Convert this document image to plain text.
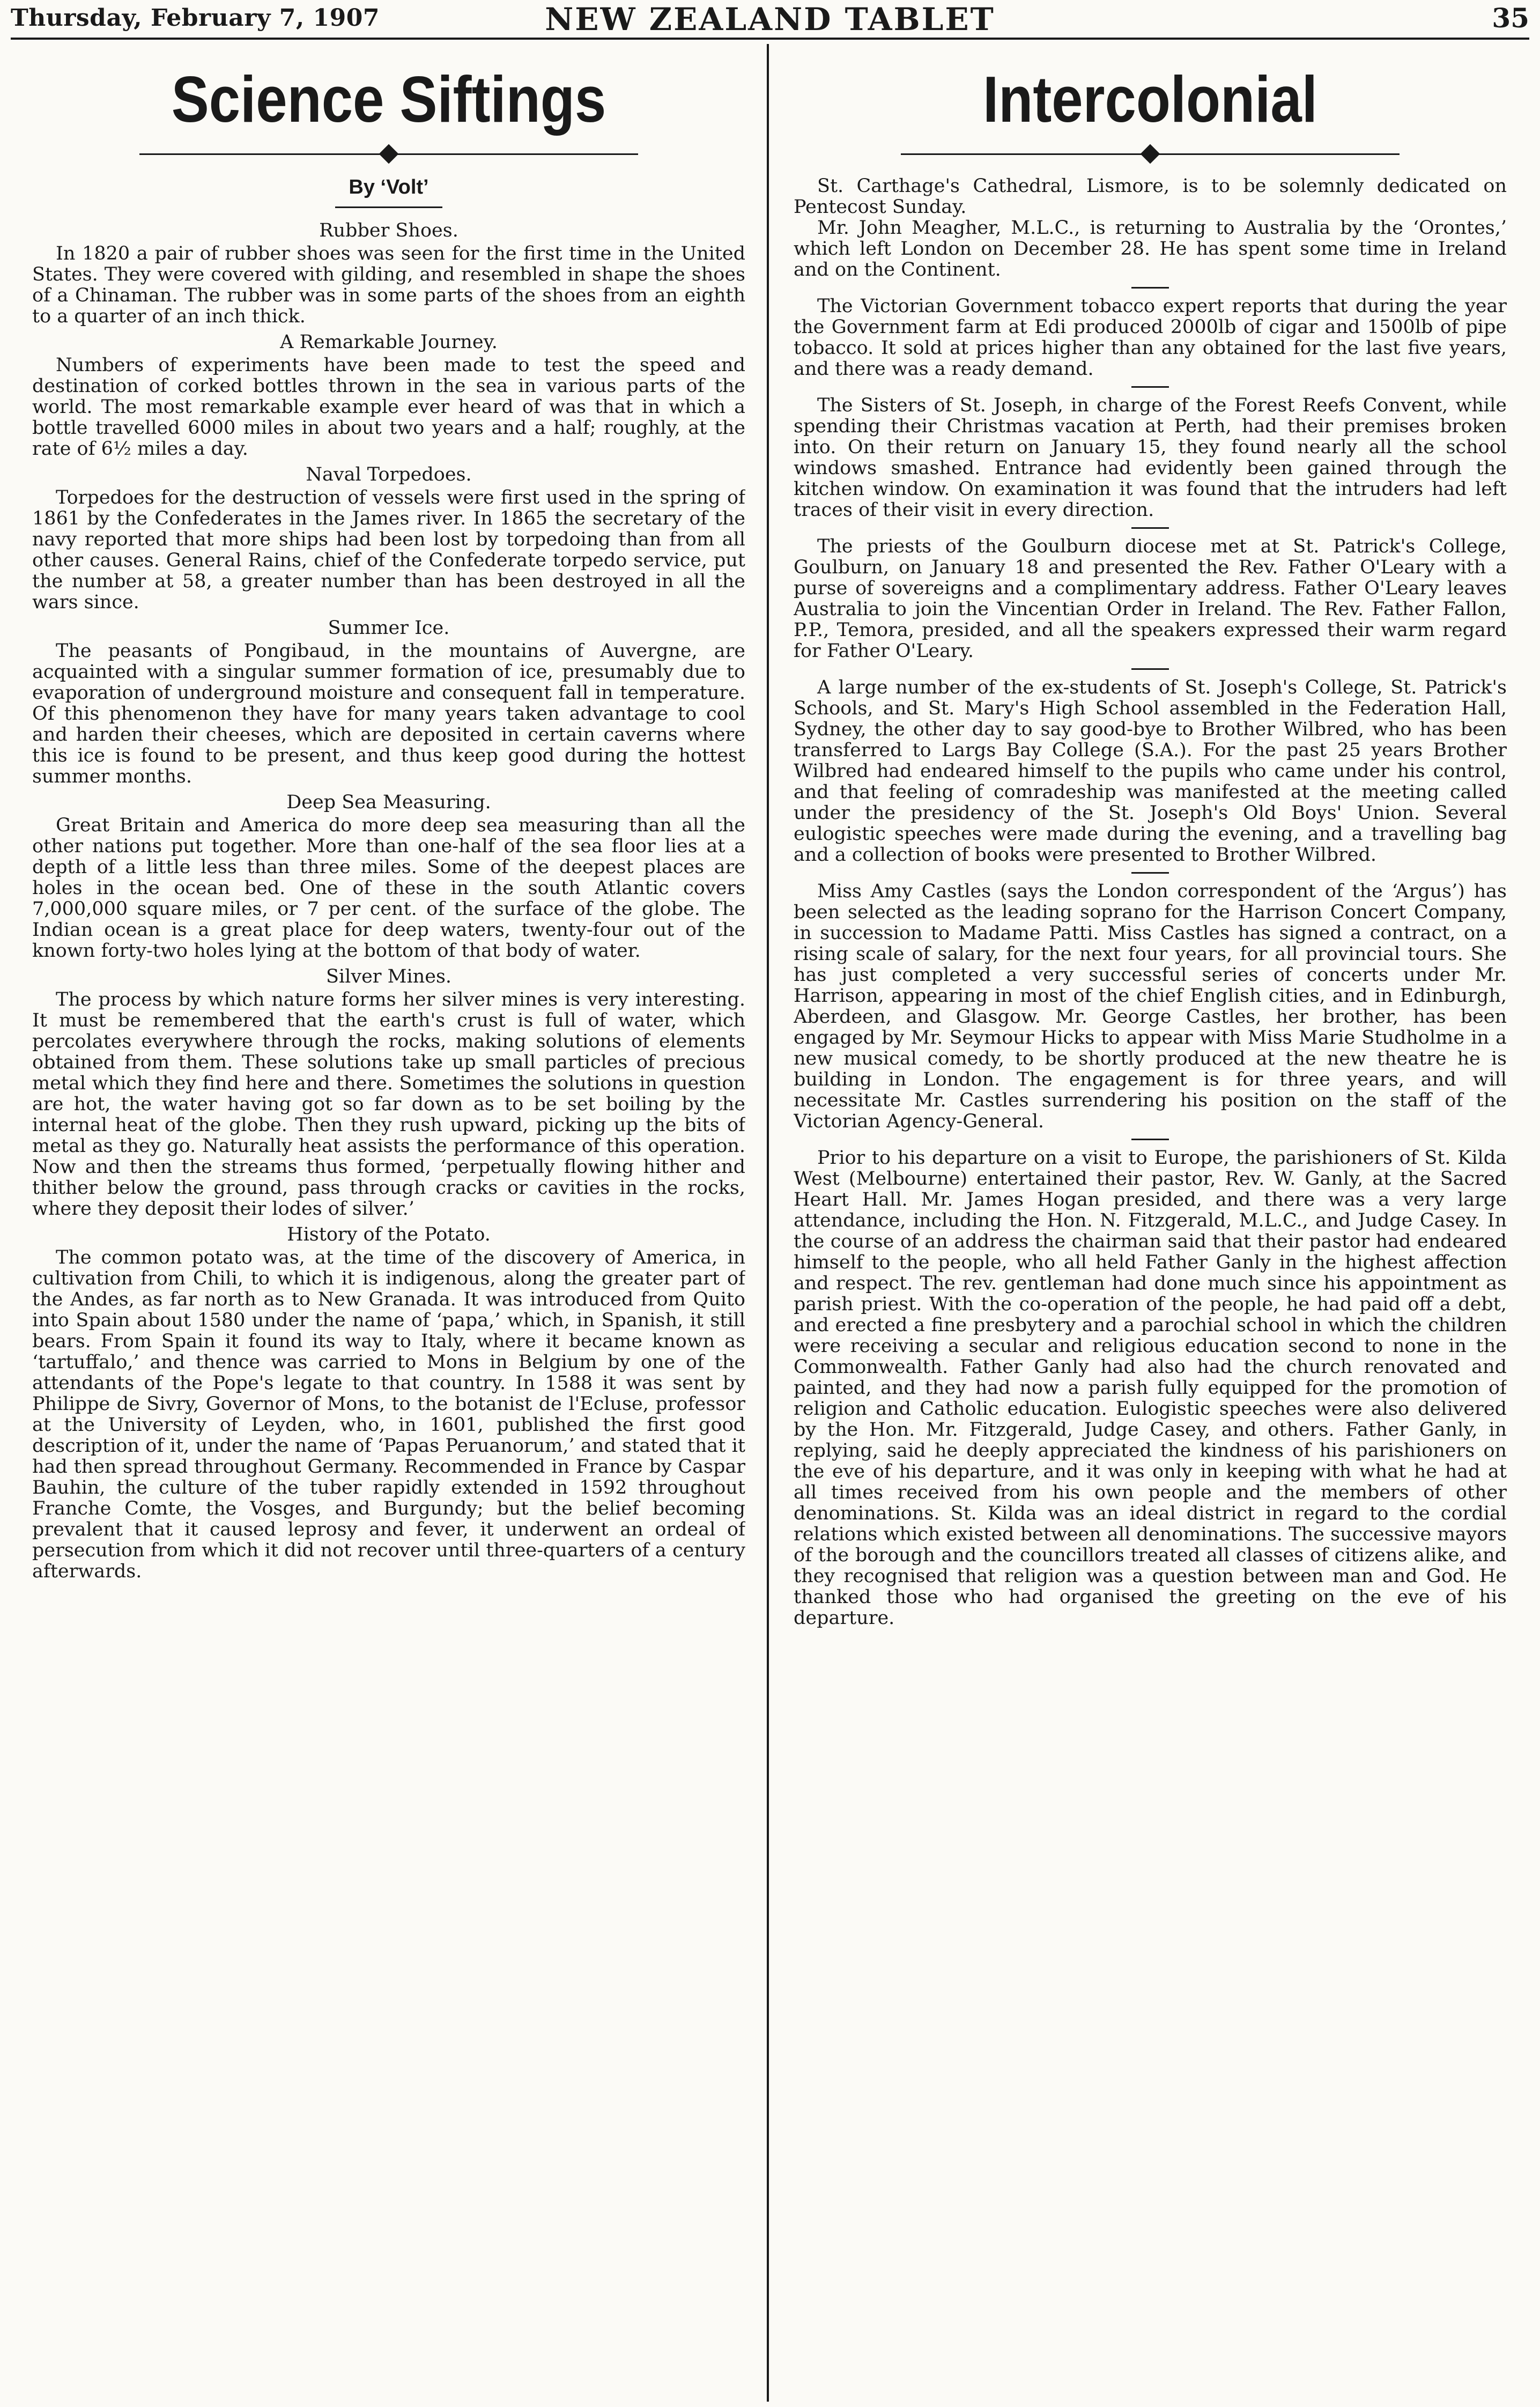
Thursday, February 7, 1907	NEW ZEALAND TABLET	35
Science Siftings
By ‘Volt’
Rubber Shoes.

In 1820 a pair of rubber shoes was seen for the first time in the United States. They were covered with gilding, and resembled in shape the shoes of a Chinaman. The rubber was in some parts of the shoes from an eighth to a quarter of an inch thick.

A Remarkable Journey.

Numbers of experiments have been made to test the speed and destination of corked bottles thrown in the sea in various parts of the world. The most remarkable example ever heard of was that in which a bottle travelled 6000 miles in about two years and a half; roughly, at the rate of 6½ miles a day.

Naval Torpedoes.

Torpedoes for the destruction of vessels were first used in the spring of 1861 by the Confederates in the James river. In 1865 the secretary of the navy reported that more ships had been lost by torpedoing than from all other causes. General Rains, chief of the Confederate torpedo service, put the number at 58, a greater number than has been destroyed in all the wars since.

Summer Ice.

The peasants of Pongibaud, in the mountains of Auvergne, are acquainted with a singular summer formation of ice, presumably due to evaporation of underground moisture and consequent fall in temperature. Of this phenomenon they have for many years taken advantage to cool and harden their cheeses, which are deposited in certain caverns where this ice is found to be present, and thus keep good during the hottest summer months.

Deep Sea Measuring.

Great Britain and America do more deep sea measuring than all the other nations put together. More than one-half of the sea floor lies at a depth of a little less than three miles. Some of the deepest places are holes in the ocean bed. One of these in the south Atlantic covers 7,000,000 square miles, or 7 per cent. of the surface of the globe. The Indian ocean is a great place for deep waters, twenty-four out of the known forty-two holes lying at the bottom of that body of water.

Silver Mines.

The process by which nature forms her silver mines is very interesting. It must be remembered that the earth's crust is full of water, which percolates everywhere through the rocks, making solutions of elements obtained from them. These solutions take up small particles of precious metal which they find here and there. Sometimes the solutions in question are hot, the water having got so far down as to be set boiling by the internal heat of the globe. Then they rush upward, picking up the bits of metal as they go. Naturally heat assists the performance of this operation. Now and then the streams thus formed, ‘perpetually flowing hither and thither below the ground, pass through cracks or cavities in the rocks, where they deposit their lodes of silver.’

History of the Potato.

The common potato was, at the time of the discovery of America, in cultivation from Chili, to which it is indigenous, along the greater part of the Andes, as far north as to New Granada. It was introduced from Quito into Spain about 1580 under the name of ‘papa,’ which, in Spanish, it still bears. From Spain it found its way to Italy, where it became known as ‘tartuffalo,’ and thence was carried to Mons in Belgium by one of the attendants of the Pope's legate to that country. In 1588 it was sent by Philippe de Sivry, Governor of Mons, to the botanist de l'Ecluse, professor at the University of Leyden, who, in 1601, published the first good description of it, under the name of ‘Papas Peruanorum,’ and stated that it had then spread throughout Germany. Recommended in France by Caspar Bauhin, the culture of the tuber rapidly extended in 1592 throughout Franche Comte, the Vosges, and Burgundy; but the belief becoming prevalent that it caused leprosy and fever, it underwent an ordeal of persecution from which it did not recover until three-quarters of a century afterwards.

Intercolonial

St. Carthage's Cathedral, Lismore, is to be solemnly dedicated on Pentecost Sunday.

Mr. John Meagher, M.L.C., is returning to Australia by the ‘Orontes,’ which left London on December 28. He has spent some time in Ireland and on the Continent.

The Victorian Government tobacco expert reports that during the year the Government farm at Edi produced 2000lb of cigar and 1500lb of pipe tobacco. It sold at prices higher than any obtained for the last five years, and there was a ready demand.

The Sisters of St. Joseph, in charge of the Forest Reefs Convent, while spending their Christmas vacation at Perth, had their premises broken into. On their return on January 15, they found nearly all the school windows smashed. Entrance had evidently been gained through the kitchen window. On examination it was found that the intruders had left traces of their visit in every direction.

The priests of the Goulburn diocese met at St. Patrick's College, Goulburn, on January 18 and presented the Rev. Father O'Leary with a purse of sovereigns and a complimentary address. Father O'Leary leaves Australia to join the Vincentian Order in Ireland. The Rev. Father Fallon, P.P., Temora, presided, and all the speakers expressed their warm regard for Father O'Leary.

A large number of the ex-students of St. Joseph's College, St. Patrick's Schools, and St. Mary's High School assembled in the Federation Hall, Sydney, the other day to say good-bye to Brother Wilbred, who has been transferred to Largs Bay College (S.A.). For the past 25 years Brother Wilbred had endeared himself to the pupils who came under his control, and that feeling of comradeship was manifested at the meeting called under the presidency of the St. Joseph's Old Boys' Union. Several eulogistic speeches were made during the evening, and a travelling bag and a collection of books were presented to Brother Wilbred.

Miss Amy Castles (says the London correspondent of the ‘Argus’) has been selected as the leading soprano for the Harrison Concert Company, in succession to Madame Patti. Miss Castles has signed a contract, on a rising scale of salary, for the next four years, for all provincial tours. She has just completed a very successful series of concerts under Mr. Harrison, appearing in most of the chief English cities, and in Edinburgh, Aberdeen, and Glasgow. Mr. George Castles, her brother, has been engaged by Mr. Seymour Hicks to appear with Miss Marie Studholme in a new musical comedy, to be shortly produced at the new theatre he is building in London. The engagement is for three years, and will necessitate Mr. Castles surrendering his position on the staff of the Victorian Agency-General.

Prior to his departure on a visit to Europe, the parishioners of St. Kilda West (Melbourne) entertained their pastor, Rev. W. Ganly, at the Sacred Heart Hall. Mr. James Hogan presided, and there was a very large attendance, including the Hon. N. Fitzgerald, M.L.C., and Judge Casey. In the course of an address the chairman said that their pastor had endeared himself to the people, who all held Father Ganly in the highest affection and respect. The rev. gentleman had done much since his appointment as parish priest. With the co-operation of the people, he had paid off a debt, and erected a fine presbytery and a parochial school in which the children were receiving a secular and religious education second to none in the Commonwealth. Father Ganly had also had the church renovated and painted, and they had now a parish fully equipped for the promotion of religion and Catholic education. Eulogistic speeches were also delivered by the Hon. Mr. Fitzgerald, Judge Casey, and others. Father Ganly, in replying, said he deeply appreciated the kindness of his parishioners on the eve of his departure, and it was only in keeping with what he had at all times received from his own people and the members of other denominations. St. Kilda was an ideal district in regard to the cordial relations which existed between all denominations. The successive mayors of the borough and the councillors treated all classes of citizens alike, and they recognised that religion was a question between man and God. He thanked those who had organised the greeting on the eve of his departure.
